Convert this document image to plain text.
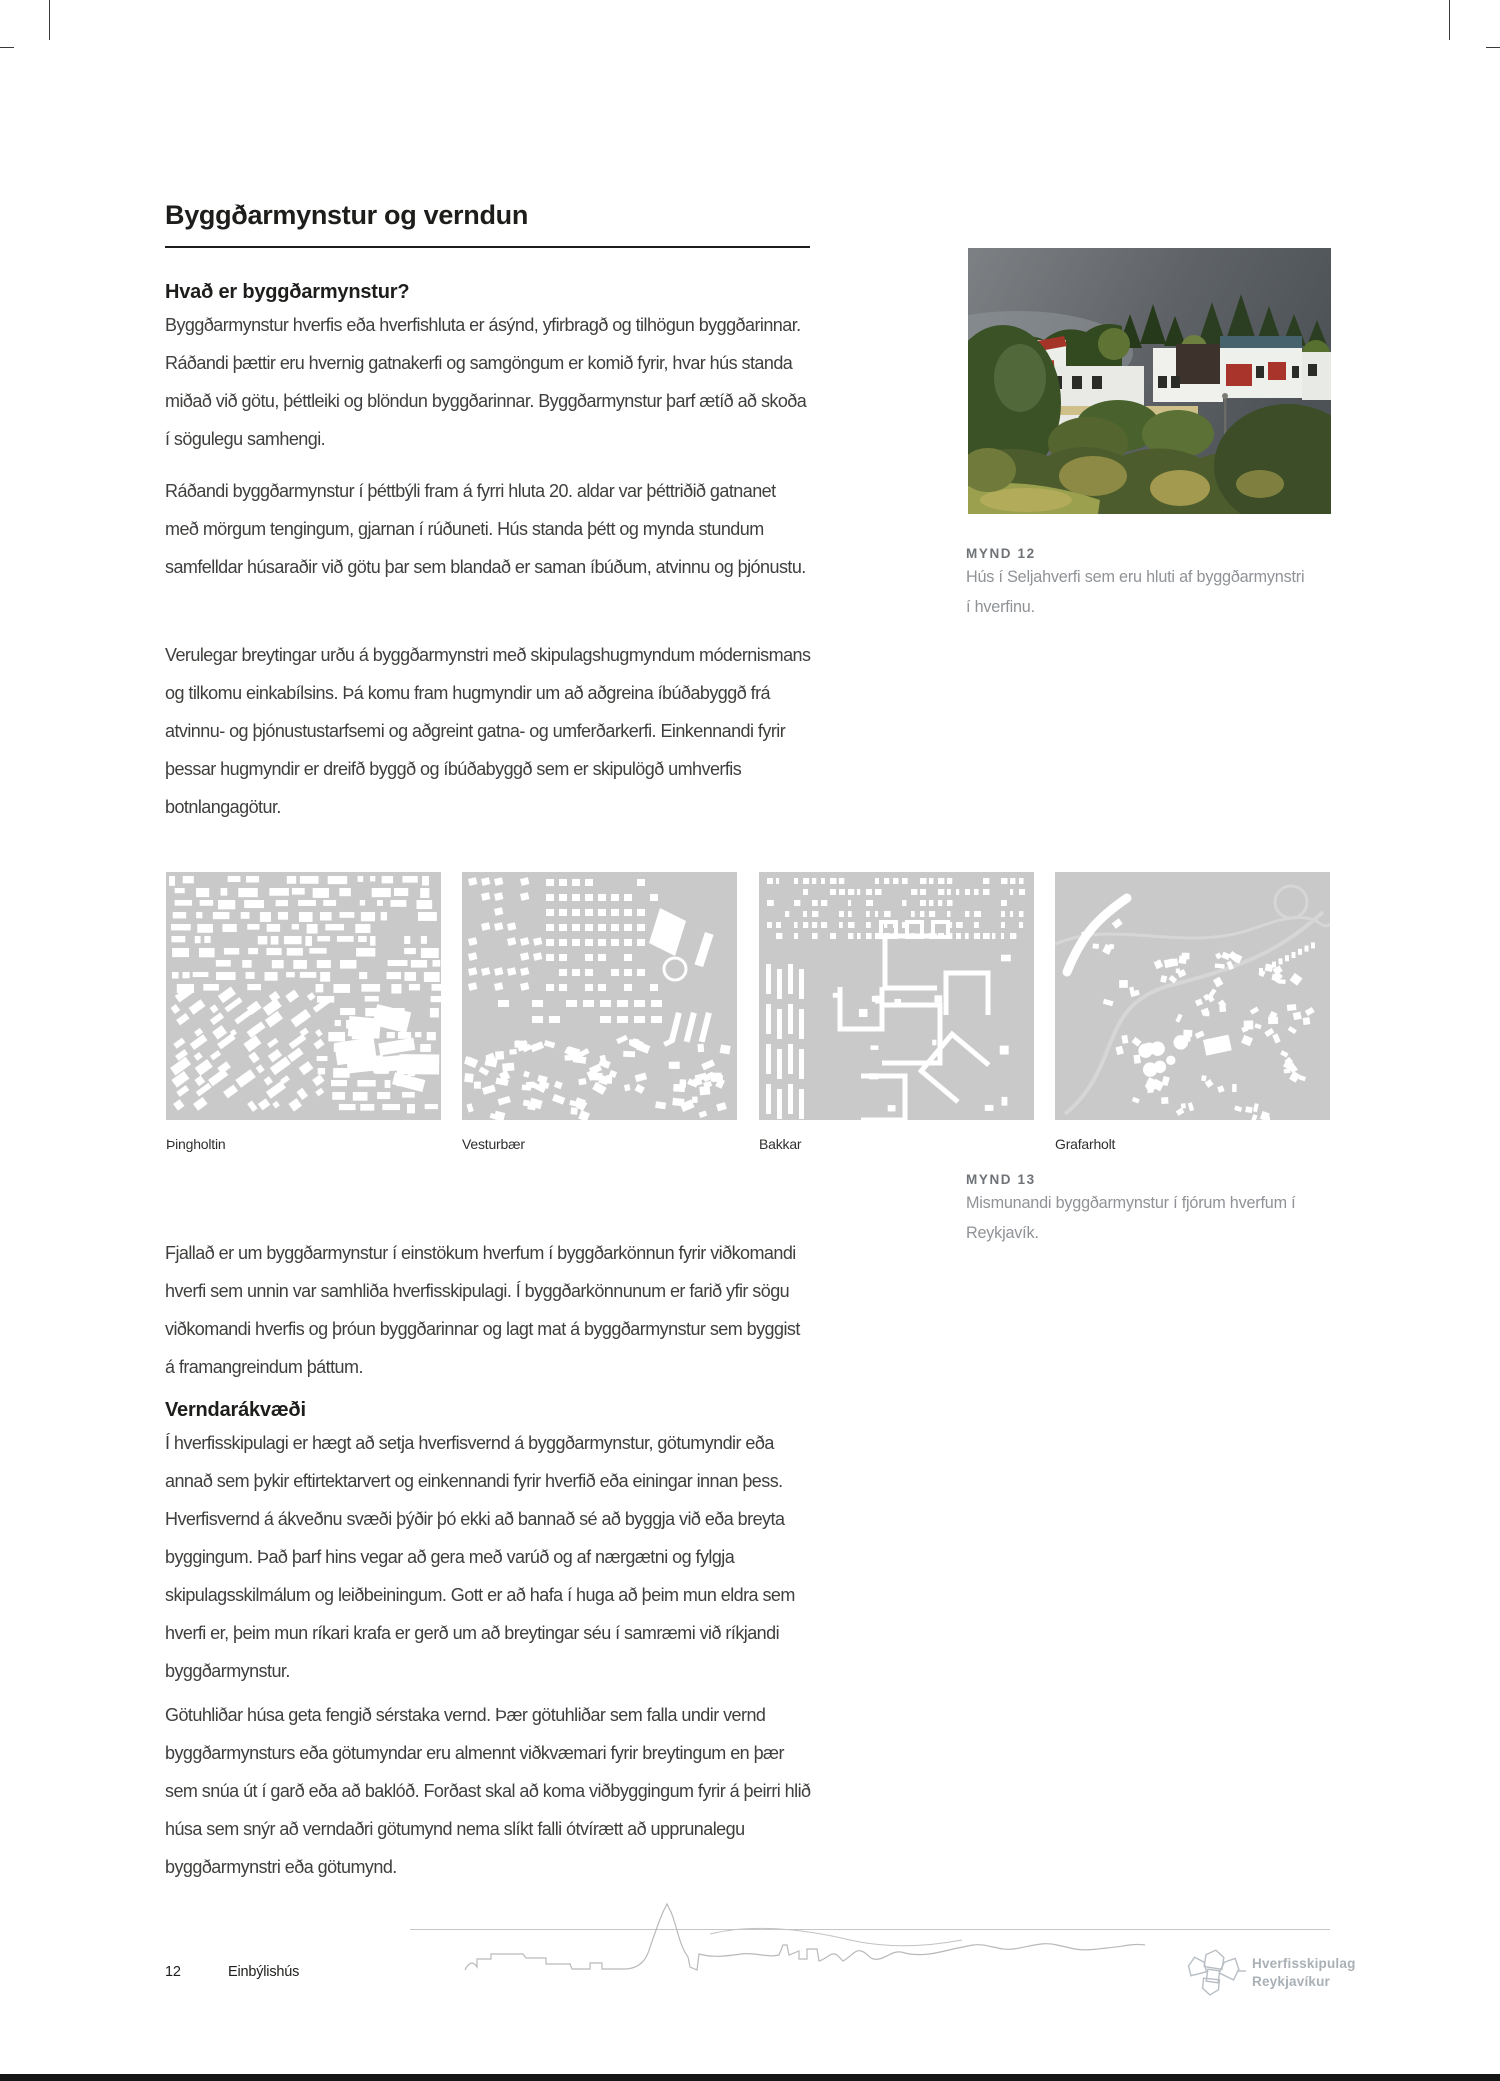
Byggðarmynstur og verndun
Hvað er byggðarmynstur?

Byggðarmynstur hverfis eða hverfishluta er ásýnd, yfirbragð og tilhögun byggðarinnar. Ráðandi þættir eru hvernig gatnakerfi og samgöngum er komið fyrir, hvar hús standa miðað við götu, þéttleiki og blöndun byggðarinnar. Byggðarmynstur þarf ætíð að skoða í sögulegu samhengi.

Ráðandi byggðarmynstur í þéttbýli fram á fyrri hluta 20. aldar var þéttriðið gatnanet með mörgum tengingum, gjarnan í rúðuneti. Hús standa þétt og mynda stundum samfelldar húsaraðir við götu þar sem blandað er saman íbúðum, atvinnu og þjónustu.

Verulegar breytingar urðu á byggðarmynstri með skipulagshugmyndum módernismans og tilkomu einkabílsins. Þá komu fram hugmyndir um að aðgreina íbúðabyggð frá atvinnu- og þjónustustarfsemi og aðgreint gatna- og umferðarkerfi. Einkennandi fyrir þessar hugmyndir er dreifð byggð og íbúðabyggð sem er skipulögð umhverfis botnlangagötur.

MYND 12
Hús í Seljahverfi sem eru hluti af byggðarmynstri í hverfinu.
Þingholtin	Vesturbær	Bakkar	Grafarholt
MYND 13
Mismunandi byggðarmynstur í fjórum hverfum í Reykjavík.

Fjallað er um byggðarmynstur í einstökum hverfum í byggðarkönnun fyrir viðkomandi hverfi sem unnin var samhliða hverfisskipulagi. Í byggðarkönnunum er farið yfir sögu viðkomandi hverfis og þróun byggðarinnar og lagt mat á byggðarmynstur sem byggist á framangreindum þáttum.

Verndarákvæði

Í hverfisskipulagi er hægt að setja hverfisvernd á byggðarmynstur, götumyndir eða annað sem þykir eftirtektarvert og einkennandi fyrir hverfið eða einingar innan þess. Hverfisvernd á ákveðnu svæði þýðir þó ekki að bannað sé að byggja við eða breyta byggingum. Það þarf hins vegar að gera með varúð og af nærgætni og fylgja skipulagsskilmálum og leiðbeiningum. Gott er að hafa í huga að þeim mun eldra sem hverfi er, þeim mun ríkari krafa er gerð um að breytingar séu í samræmi við ríkjandi byggðarmynstur.

Götuhliðar húsa geta fengið sérstaka vernd. Þær götuhliðar sem falla undir vernd byggðarmynsturs eða götumyndar eru almennt viðkvæmari fyrir breytingum en þær sem snúa út í garð eða að baklóð. Forðast skal að koma viðbyggingum fyrir á þeirri hlið húsa sem snýr að verndaðri götumynd nema slíkt falli ótvírætt að upprunalegu byggðarmynstri eða götumynd.

12	Einbýlishús
Hverfisskipulag
Reykjavíkur
